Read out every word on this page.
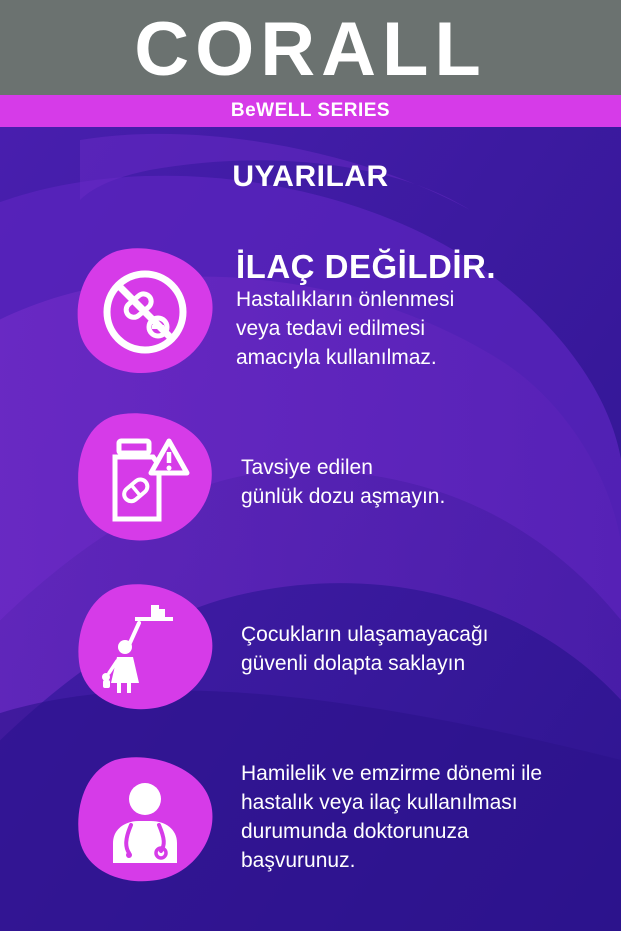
CORALL
BeWELL SERIES
UYARILAR
İLAÇ DEĞİLDİR.
Hastalıkların önlenmesi
veya tedavi edilmesi
amacıyla kullanılmaz.
Tavsiye edilen
günlük dozu aşmayın.
Çocukların ulaşamayacağı
güvenli dolapta saklayın
Hamilelik ve emzirme dönemi ile
hastalık veya ilaç kullanılması
durumunda doktorunuza
başvurunuz.
